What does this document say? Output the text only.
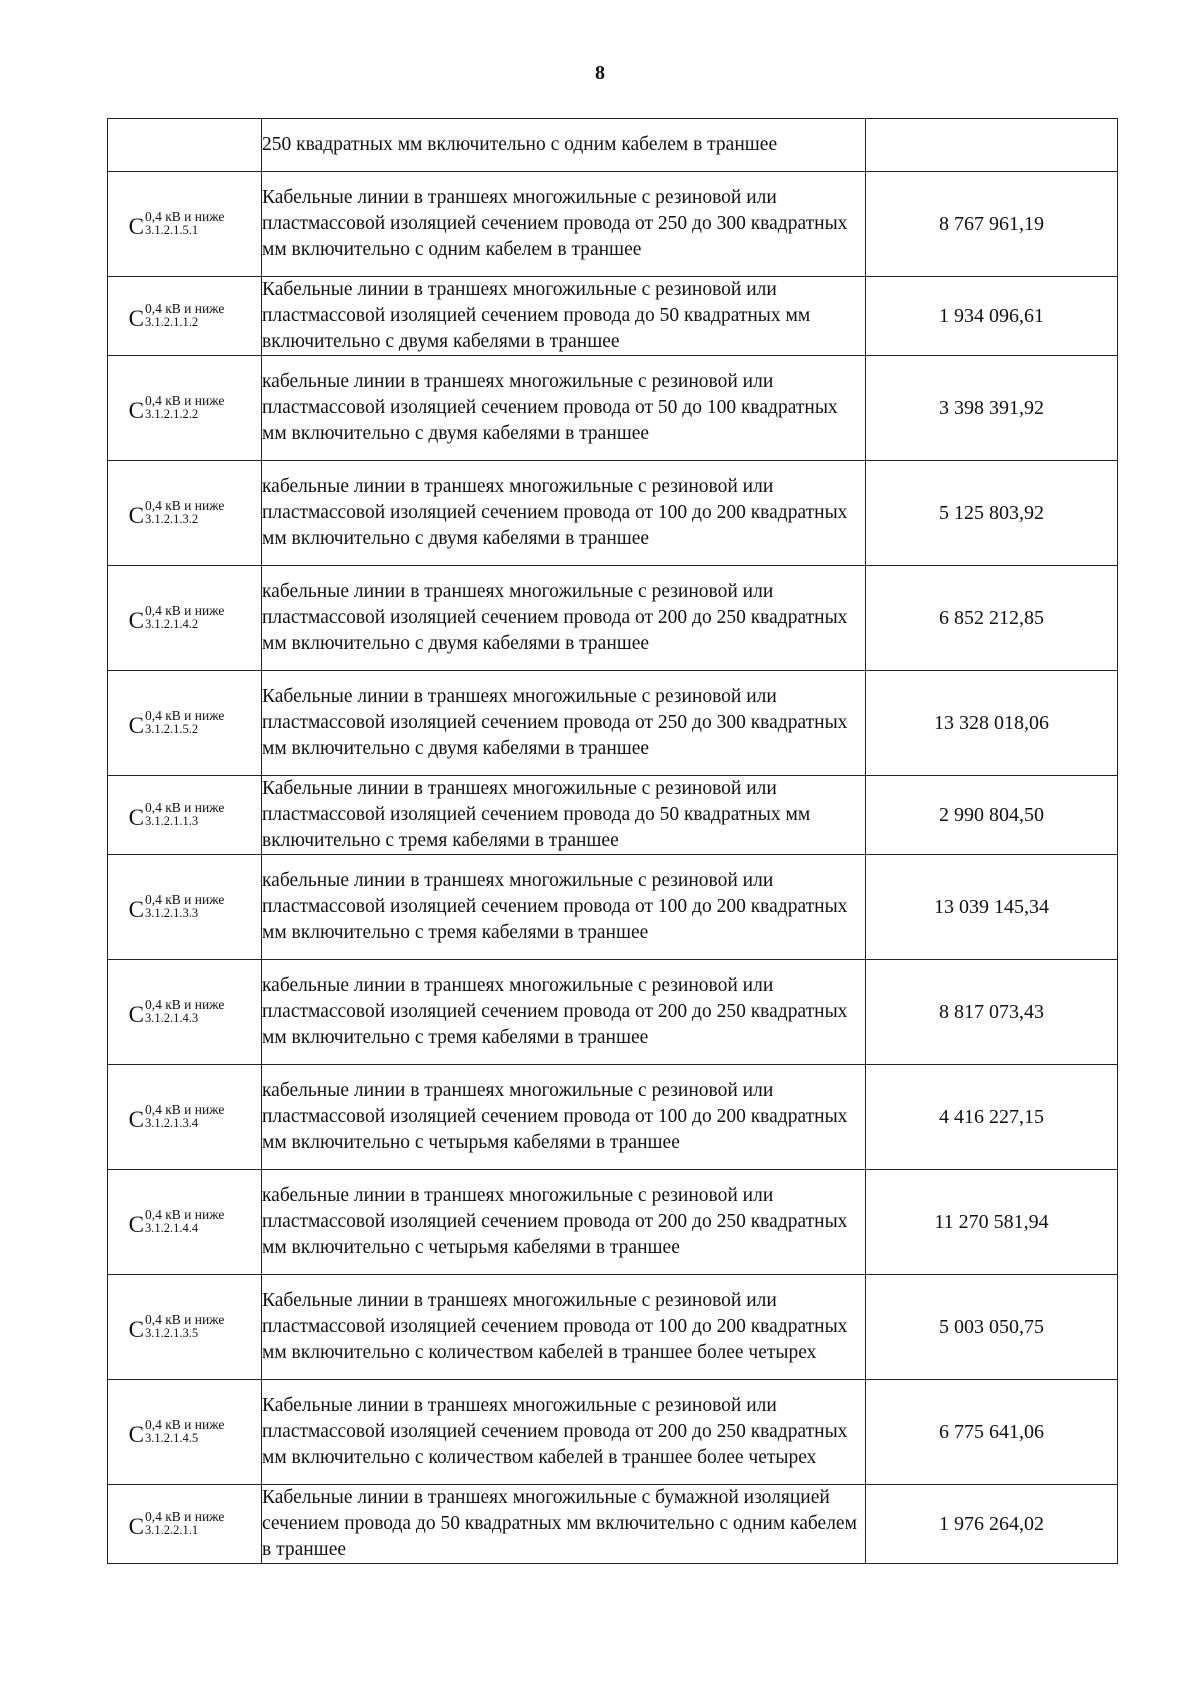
8
	250 квадратных мм включительно с одним кабелем в траншее	

C 0,4 кВ и ниже
3.1.2.1.5.1	Кабельные линии в траншеях многожильные с резиновой или пластмассовой изоляцией сечением провода от 250 до 300 квадратных мм включительно с одним кабелем в траншее	8 767 961,19

C 0,4 кВ и ниже
3.1.2.1.1.2	Кабельные линии в траншеях многожильные с резиновой или пластмассовой изоляцией сечением провода до 50 квадратных мм включительно с двумя кабелями в траншее	1 934 096,61

C 0,4 кВ и ниже
3.1.2.1.2.2	кабельные линии в траншеях многожильные с резиновой или пластмассовой изоляцией сечением провода от 50 до 100 квадратных мм включительно с двумя кабелями в траншее	3 398 391,92

C 0,4 кВ и ниже
3.1.2.1.3.2	кабельные линии в траншеях многожильные с резиновой или пластмассовой изоляцией сечением провода от 100 до 200 квадратных мм включительно с двумя кабелями в траншее	5 125 803,92

C 0,4 кВ и ниже
3.1.2.1.4.2	кабельные линии в траншеях многожильные с резиновой или пластмассовой изоляцией сечением провода от 200 до 250 квадратных мм включительно с двумя кабелями в траншее	6 852 212,85

C 0,4 кВ и ниже
3.1.2.1.5.2	Кабельные линии в траншеях многожильные с резиновой или пластмассовой изоляцией сечением провода от 250 до 300 квадратных мм включительно с двумя кабелями в траншее	13 328 018,06

C 0,4 кВ и ниже
3.1.2.1.1.3	Кабельные линии в траншеях многожильные с резиновой или пластмассовой изоляцией сечением провода до 50 квадратных мм включительно с тремя кабелями в траншее	2 990 804,50

C 0,4 кВ и ниже
3.1.2.1.3.3	кабельные линии в траншеях многожильные с резиновой или пластмассовой изоляцией сечением провода от 100 до 200 квадратных мм включительно с тремя кабелями в траншее	13 039 145,34

C 0,4 кВ и ниже
3.1.2.1.4.3	кабельные линии в траншеях многожильные с резиновой или пластмассовой изоляцией сечением провода от 200 до 250 квадратных мм включительно с тремя кабелями в траншее	8 817 073,43

C 0,4 кВ и ниже
3.1.2.1.3.4	кабельные линии в траншеях многожильные с резиновой или пластмассовой изоляцией сечением провода от 100 до 200 квадратных мм включительно с четырьмя кабелями в траншее	4 416 227,15

C 0,4 кВ и ниже
3.1.2.1.4.4	кабельные линии в траншеях многожильные с резиновой или пластмассовой изоляцией сечением провода от 200 до 250 квадратных мм включительно с четырьмя кабелями в траншее	11 270 581,94

C 0,4 кВ и ниже
3.1.2.1.3.5	Кабельные линии в траншеях многожильные с резиновой или пластмассовой изоляцией сечением провода от 100 до 200 квадратных мм включительно с количеством кабелей в траншее более четырех	5 003 050,75

C 0,4 кВ и ниже
3.1.2.1.4.5	Кабельные линии в траншеях многожильные с резиновой или пластмассовой изоляцией сечением провода от 200 до 250 квадратных мм включительно с количеством кабелей в траншее более четырех	6 775 641,06

C 0,4 кВ и ниже
3.1.2.2.1.1	Кабельные линии в траншеях многожильные с бумажной изоляцией сечением провода до 50 квадратных мм включительно с одним кабелем в траншее	1 976 264,02
